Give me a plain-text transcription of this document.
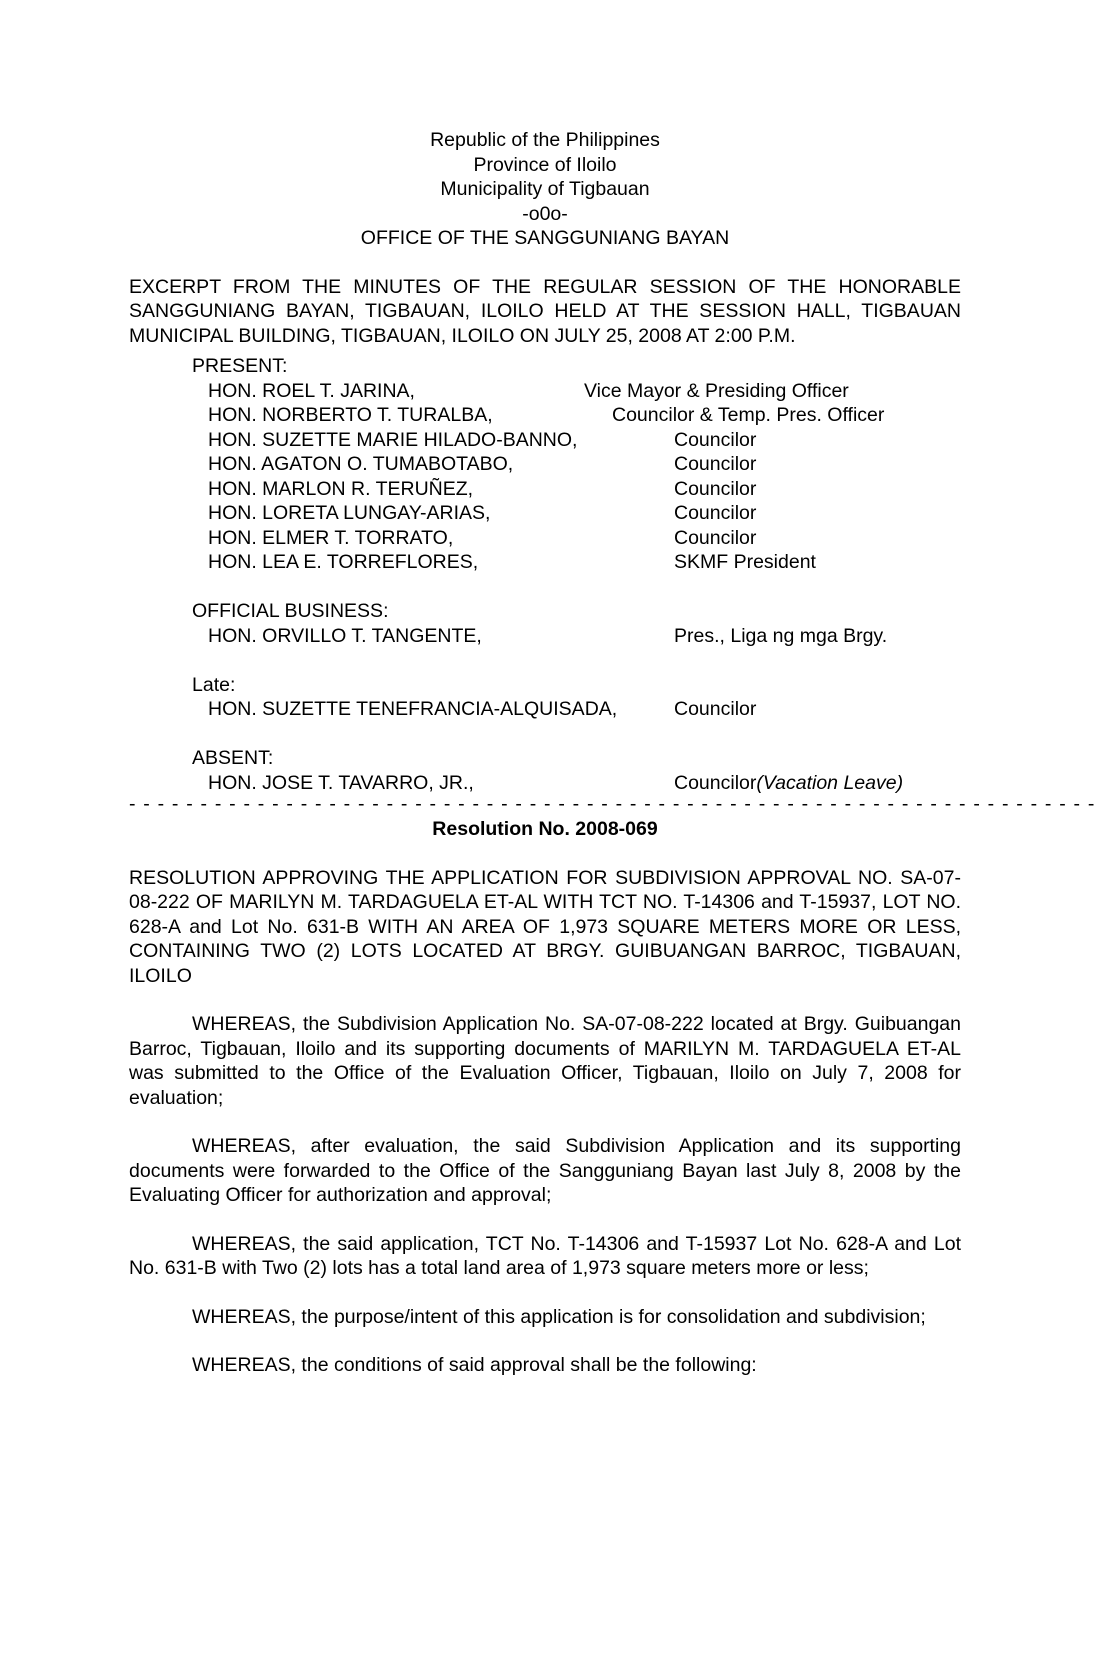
Republic of the Philippines
Province of Iloilo
Municipality of Tigbauan
-o0o-
OFFICE OF THE SANGGUNIANG BAYAN
EXCERPT FROM THE MINUTES OF THE REGULAR SESSION OF THE HONORABLE SANGGUNIANG BAYAN, TIGBAUAN, ILOILO HELD AT THE SESSION HALL, TIGBAUAN MUNICIPAL BUILDING, TIGBAUAN, ILOILO ON JULY 25, 2008 AT 2:00 P.M.
PRESENT:
HON. ROEL T. JARINA,	Vice Mayor & Presiding Officer
HON. NORBERTO T. TURALBA,	Councilor & Temp. Pres. Officer
HON. SUZETTE MARIE HILADO-BANNO,	Councilor
HON. AGATON O. TUMABOTABO,	Councilor
HON. MARLON R. TERUÑEZ,	Councilor
HON. LORETA LUNGAY-ARIAS,	Councilor
HON. ELMER T. TORRATO,	Councilor
HON. LEA E. TORREFLORES,	SKMF President
OFFICIAL BUSINESS:
HON. ORVILLO T. TANGENTE,	Pres., Liga ng mga Brgy.
Late:
HON. SUZETTE TENEFRANCIA-ALQUISADA,	Councilor
ABSENT:
HON. JOSE T. TAVARRO, JR.,	Councilor(Vacation Leave)
- - - - - - - - - - - - - - - - - - - - - - - - - - - - - - - - - - - - - - - - - - - - - - - - - - - - - - - - - - - - - - - - - - - -
Resolution No. 2008-069
RESOLUTION APPROVING THE APPLICATION FOR SUBDIVISION APPROVAL NO. SA-07-08-222 OF MARILYN M. TARDAGUELA ET-AL WITH TCT NO. T-14306 and T-15937, LOT NO. 628-A and Lot No. 631-B WITH AN AREA OF 1,973 SQUARE METERS MORE OR LESS, CONTAINING TWO (2) LOTS LOCATED AT BRGY. GUIBUANGAN BARROC, TIGBAUAN, ILOILO
WHEREAS, the Subdivision Application No. SA-07-08-222 located at Brgy. Guibuangan Barroc, Tigbauan, Iloilo and its supporting documents of MARILYN M. TARDAGUELA ET-AL was submitted to the Office of the Evaluation Officer, Tigbauan, Iloilo on July 7, 2008 for evaluation;
WHEREAS, after evaluation, the said Subdivision Application and its supporting documents were forwarded to the Office of the Sangguniang Bayan last July 8, 2008 by the Evaluating Officer for authorization and approval;
WHEREAS, the said application, TCT No. T-14306 and T-15937 Lot No. 628-A and Lot No. 631-B with Two (2) lots has a total land area of 1,973 square meters more or less;
WHEREAS, the purpose/intent of this application is for consolidation and subdivision;
WHEREAS, the conditions of said approval shall be the following:
